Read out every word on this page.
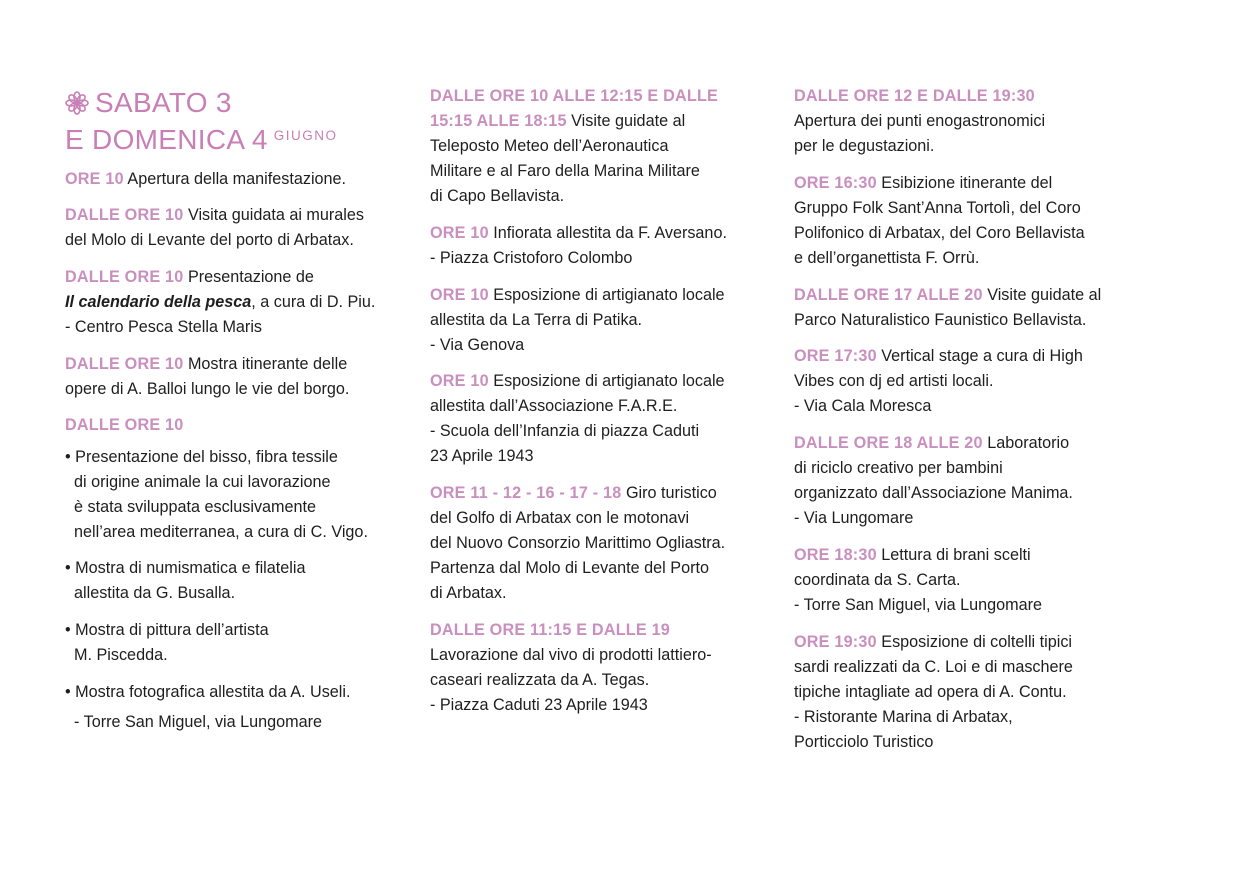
SABATO 3
E DOMENICA 4 GIUGNO
ORE 10 Apertura della manifestazione.
DALLE ORE 10 Visita guidata ai murales
del Molo di Levante del porto di Arbatax.
DALLE ORE 10 Presentazione de
Il calendario della pesca, a cura di D. Piu.
- Centro Pesca Stella Maris
DALLE ORE 10 Mostra itinerante delle
opere di A. Balloi lungo le vie del borgo.
DALLE ORE 10
• Presentazione del bisso, fibra tessile
di origine animale la cui lavorazione
è stata sviluppata esclusivamente
nell’area mediterranea, a cura di C. Vigo.
• Mostra di numismatica e filatelia
allestita da G. Busalla.
• Mostra di pittura dell’artista
M. Piscedda.
• Mostra fotografica allestita da A. Useli.
- Torre San Miguel, via Lungomare
DALLE ORE 10 ALLE 12:15 E DALLE
15:15 ALLE 18:15 Visite guidate al
Teleposto Meteo dell’Aeronautica
Militare e al Faro della Marina Militare
di Capo Bellavista.
ORE 10 Infiorata allestita da F. Aversano.
- Piazza Cristoforo Colombo
ORE 10 Esposizione di artigianato locale
allestita da La Terra di Patika.
- Via Genova
ORE 10 Esposizione di artigianato locale
allestita dall’Associazione F.A.R.E.
- Scuola dell’Infanzia di piazza Caduti
23 Aprile 1943
ORE 11 - 12 - 16 - 17 - 18 Giro turistico
del Golfo di Arbatax con le motonavi
del Nuovo Consorzio Marittimo Ogliastra.
Partenza dal Molo di Levante del Porto
di Arbatax.
DALLE ORE 11:15 E DALLE 19
Lavorazione dal vivo di prodotti lattiero-
caseari realizzata da A. Tegas.
- Piazza Caduti 23 Aprile 1943
DALLE ORE 12 E DALLE 19:30
Apertura dei punti enogastronomici
per le degustazioni.
ORE 16:30 Esibizione itinerante del
Gruppo Folk Sant’Anna Tortolì, del Coro
Polifonico di Arbatax, del Coro Bellavista
e dell’organettista F. Orrù.
DALLE ORE 17 ALLE 20 Visite guidate al
Parco Naturalistico Faunistico Bellavista.
ORE 17:30 Vertical stage a cura di High
Vibes con dj ed artisti locali.
- Via Cala Moresca
DALLE ORE 18 ALLE 20 Laboratorio
di riciclo creativo per bambini
organizzato dall’Associazione Manima.
- Via Lungomare
ORE 18:30 Lettura di brani scelti
coordinata da S. Carta.
- Torre San Miguel, via Lungomare
ORE 19:30 Esposizione di coltelli tipici
sardi realizzati da C. Loi e di maschere
tipiche intagliate ad opera di A. Contu.
- Ristorante Marina di Arbatax,
Porticciolo Turistico
